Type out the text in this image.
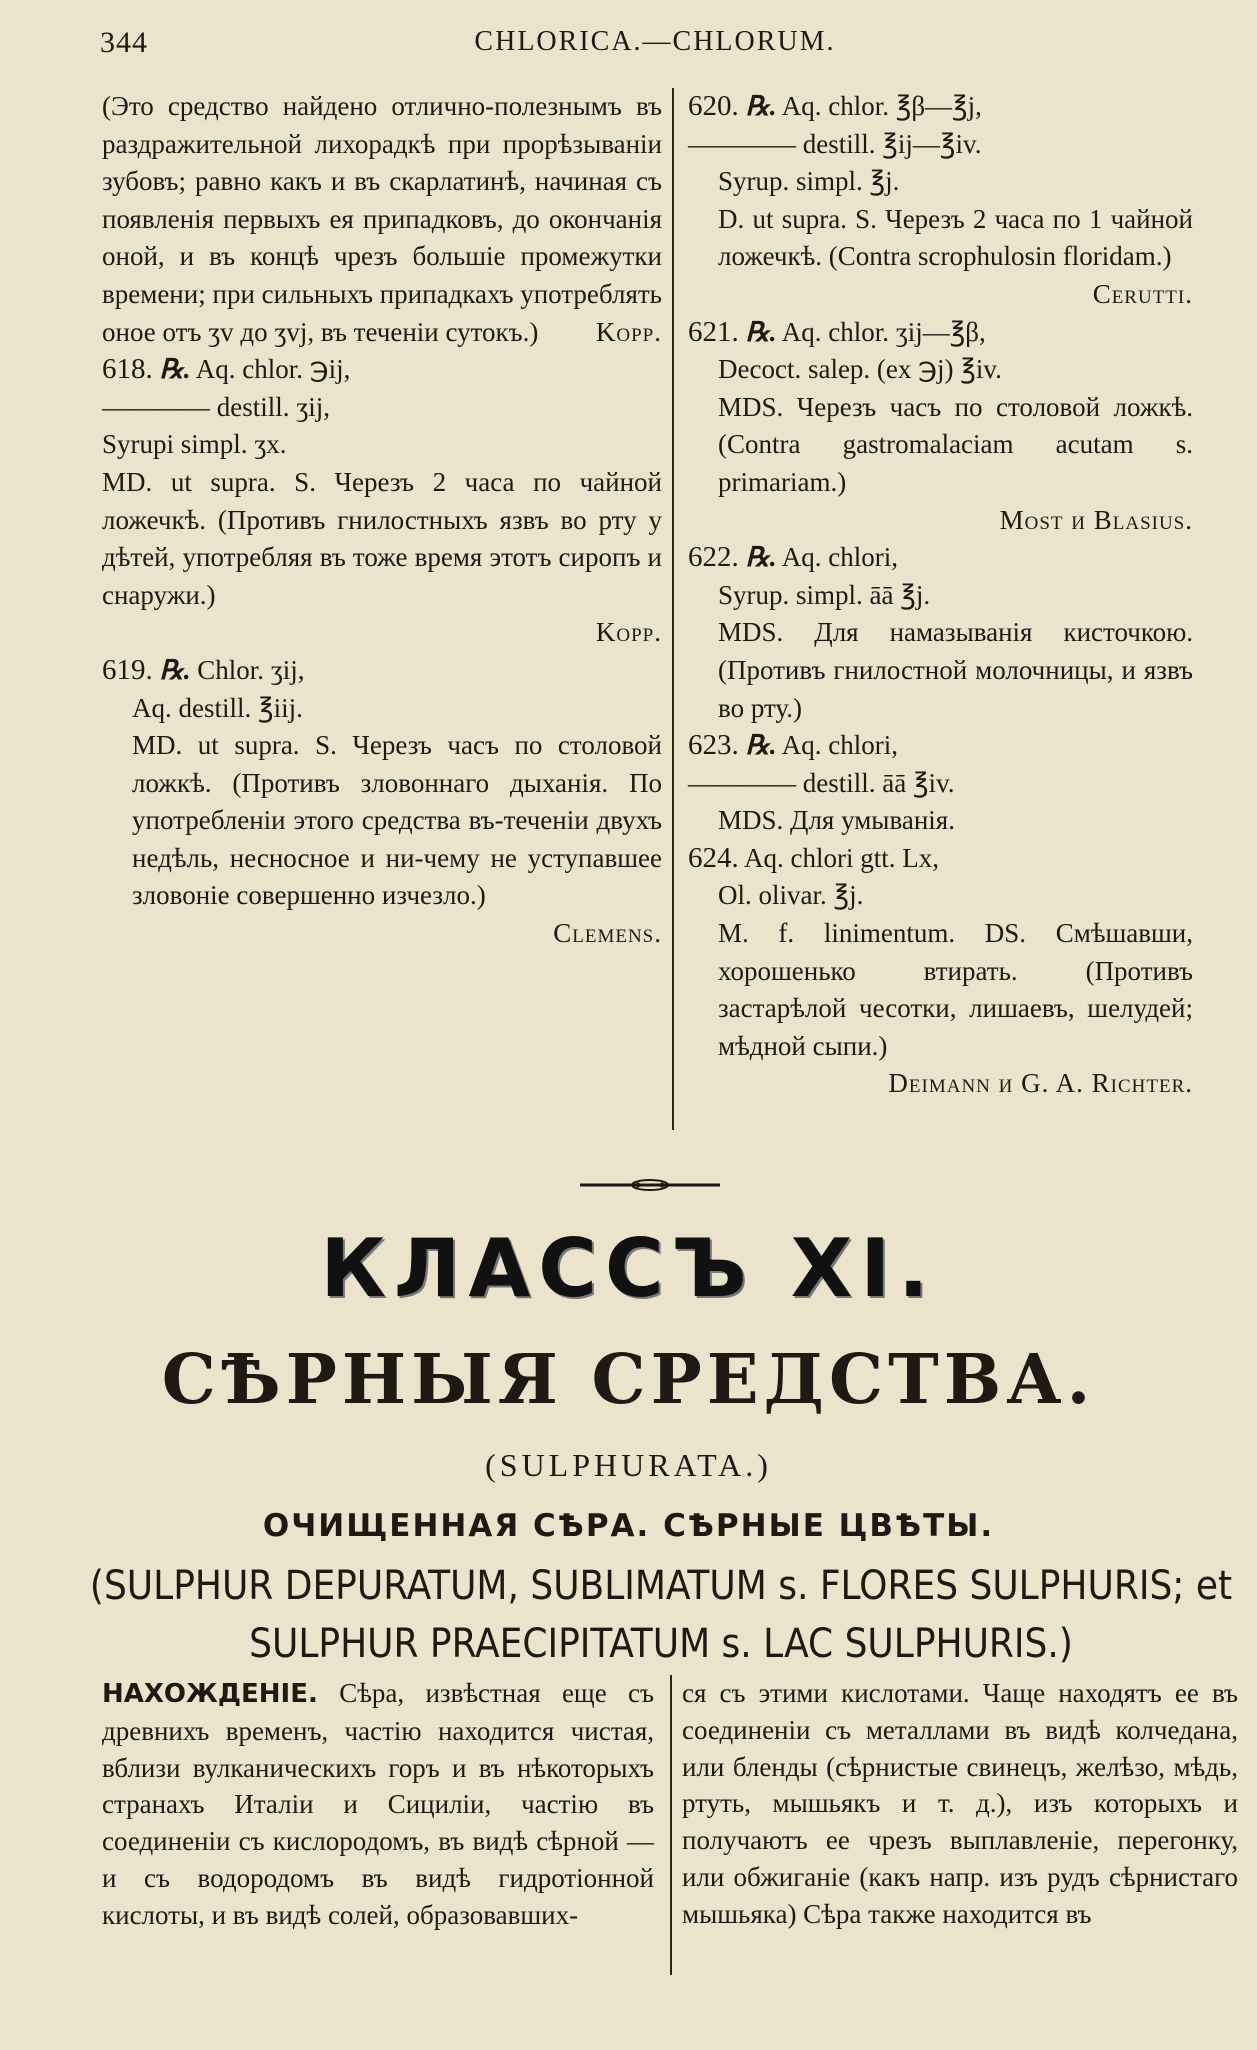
344	CHLORICA.—CHLORUM.

(Это средство найдено отлично-полезнымъ въ раздражительной лихорадкѣ при прорѣзываніи зубовъ; равно какъ и въ скарлатинѣ, начиная съ появленія первыхъ ея припадковъ, до окончанія оной, и въ концѣ чрезъ большіе промежутки времени; при сильныхъ припадкахъ употреблять оное отъ ʒv до ʒvj, въ теченіи сутокъ.) Kopp.

618. ℞. Aq. chlor. ℈ij,

———— destill. ʒij,

Syrupi simpl. ʒx.

MD. ut supra. S. Черезъ 2 часа по чайной ложечкѣ. (Противъ гнилостныхъ язвъ во рту у дѣтей, употребляя въ тоже время этотъ сиропъ и снаружи.)

Kopp.

619. ℞. Chlor. ʒij,

Aq. destill. ℥iij.

MD. ut supra. S. Черезъ часъ по столовой ложкѣ. (Противъ зловоннаго дыханія. По употребленіи этого средства въ-теченіи двухъ недѣль, несносное и ни-чему не уступавшее зловоніе совершенно изчезло.)

Clemens.

620. ℞. Aq. chlor. ℥β—℥j,

———— destill. ℥ij—℥iv.

Syrup. simpl. ℥j.

D. ut supra. S. Черезъ 2 часа по 1 чайной ложечкѣ. (Contra scrophulosin floridam.)

Cerutti.

621. ℞. Aq. chlor. ʒij—℥β,

Decoct. salep. (ex ℈j) ℥iv.

MDS. Черезъ часъ по столовой ложкѣ. (Contra gastromalaciam acutam s. primariam.)

Most и Blasius.

622. ℞. Aq. chlori,

Syrup. simpl. āā ℥j.

MDS. Для намазыванія кисточкою. (Противъ гнилостной молочницы, и язвъ во рту.)

623. ℞. Aq. chlori,

———— destill. āā ℥iv.

MDS. Для умыванія.

624. Aq. chlori gtt. Lx,

Ol. olivar. ℥j.

M. f. linimentum. DS. Смѣшавши, хорошенько втирать. (Противъ застарѣлой чесотки, лишаевъ, шелудей; мѣдной сыпи.)

Deimann и G. A. Richter.

КЛАССЪ XI.
СѢРНЫЯ СРЕДСТВА.
(SULPHURATA.)
ОЧИЩЕННАЯ СѢРА. СѢРНЫЕ ЦВѢТЫ.
(SULPHUR DEPURATUM, SUBLIMATUM s. FLORES SULPHURIS; et
SULPHUR PRAECIPITATUM s. LAC SULPHURIS.)

НАХОЖДЕНІЕ. Сѣра, извѣстная еще съ древнихъ временъ, частію находится чистая, вблизи вулканическихъ горъ и въ нѣкоторыхъ странахъ Италіи и Сициліи, частію въ соединеніи съ кислородомъ, въ видѣ сѣрной — и съ водородомъ въ видѣ гидротіонной кислоты, и въ видѣ солей, образовавших-

ся съ этими кислотами. Чаще находятъ ее въ соединеніи съ металлами въ видѣ колчедана, или бленды (сѣрнистые свинецъ, желѣзо, мѣдь, ртуть, мышьякъ и т. д.), изъ которыхъ и получаютъ ее чрезъ выплавленіе, перегонку, или обжиганіе (какъ напр. изъ рудъ сѣрнистаго мышьяка) Сѣра также находится въ
